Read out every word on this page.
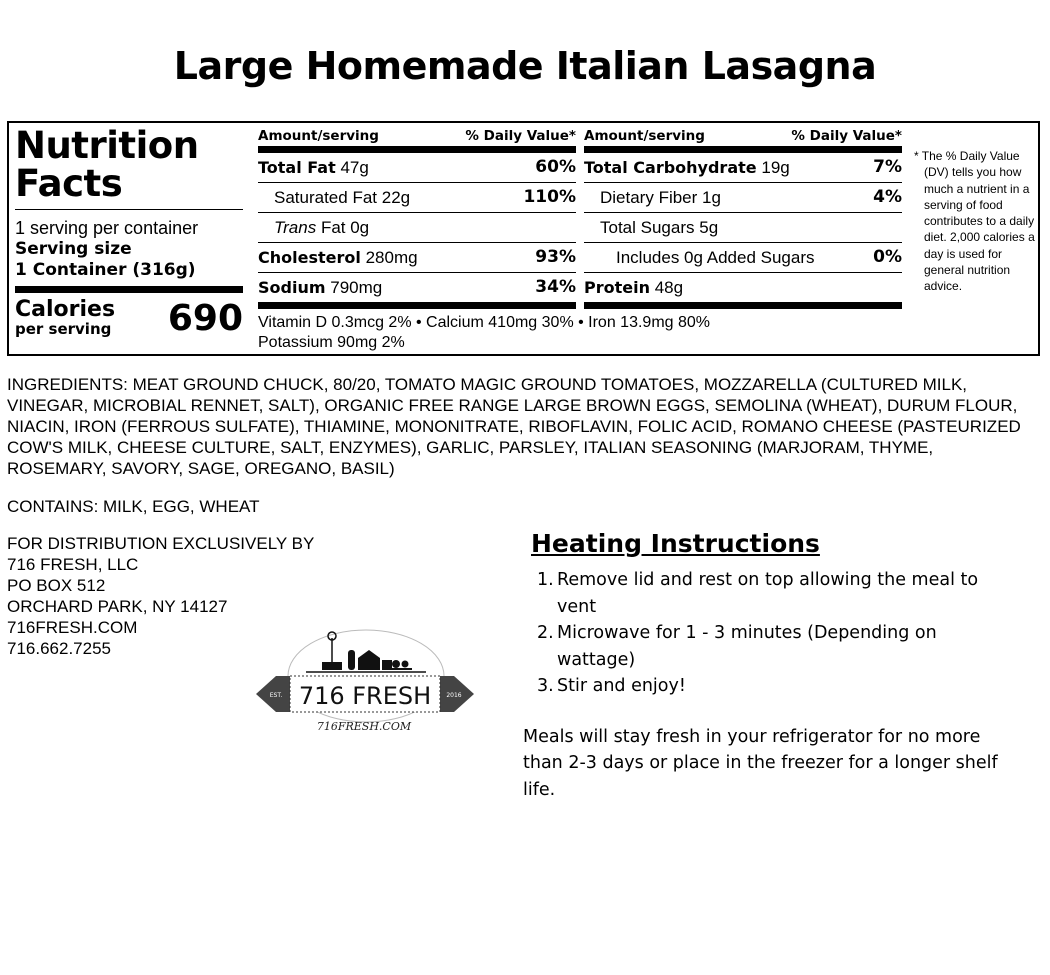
Large Homemade Italian Lasagna
Nutrition
Facts
1 serving per container
Serving size
1 Container (316g)
Calories
per serving 690
Amount/serving	% Daily Value*
Total Fat 47g	60%
Saturated Fat 22g	110%
Trans Fat 0g
Cholesterol 280mg	93%
Sodium 790mg	34%
Amount/serving	% Daily Value*
Total Carbohydrate 19g	7%
Dietary Fiber 1g	4%
Total Sugars 5g
Includes 0g Added Sugars	0%
Protein 48g
Vitamin D 0.3mcg 2% • Calcium 410mg 30% • Iron 13.9mg 80%
Potassium 90mg 2%
* The % Daily Value
(DV) tells you how much a nutrient in a serving of food contributes to a daily diet. 2,000 calories a day is used for general nutrition advice.
INGREDIENTS: MEAT GROUND CHUCK, 80/20, TOMATO MAGIC GROUND TOMATOES, MOZZARELLA (CULTURED MILK, VINEGAR, MICROBIAL RENNET, SALT), ORGANIC FREE RANGE LARGE BROWN EGGS, SEMOLINA (WHEAT), DURUM FLOUR, NIACIN, IRON (FERROUS SULFATE), THIAMINE, MONONITRATE, RIBOFLAVIN, FOLIC ACID, ROMANO CHEESE (PASTEURIZED COW'S MILK, CHEESE CULTURE, SALT, ENZYMES), GARLIC, PARSLEY, ITALIAN SEASONING (MARJORAM, THYME, ROSEMARY, SAVORY, SAGE, OREGANO, BASIL)
CONTAINS: MILK, EGG, WHEAT
FOR DISTRIBUTION EXCLUSIVELY BY
716 FRESH, LLC
PO BOX 512
ORCHARD PARK, NY 14127
716FRESH.COM
716.662.7255
EST.	2016
716 FRESH
716FRESH.COM
Heating Instructions
1. Remove lid and rest on top allowing the meal to vent
2. Microwave for 1 - 3 minutes (Depending on wattage)
3. Stir and enjoy!
Meals will stay fresh in your refrigerator for no more than 2-3 days or place in the freezer for a longer shelf life.
